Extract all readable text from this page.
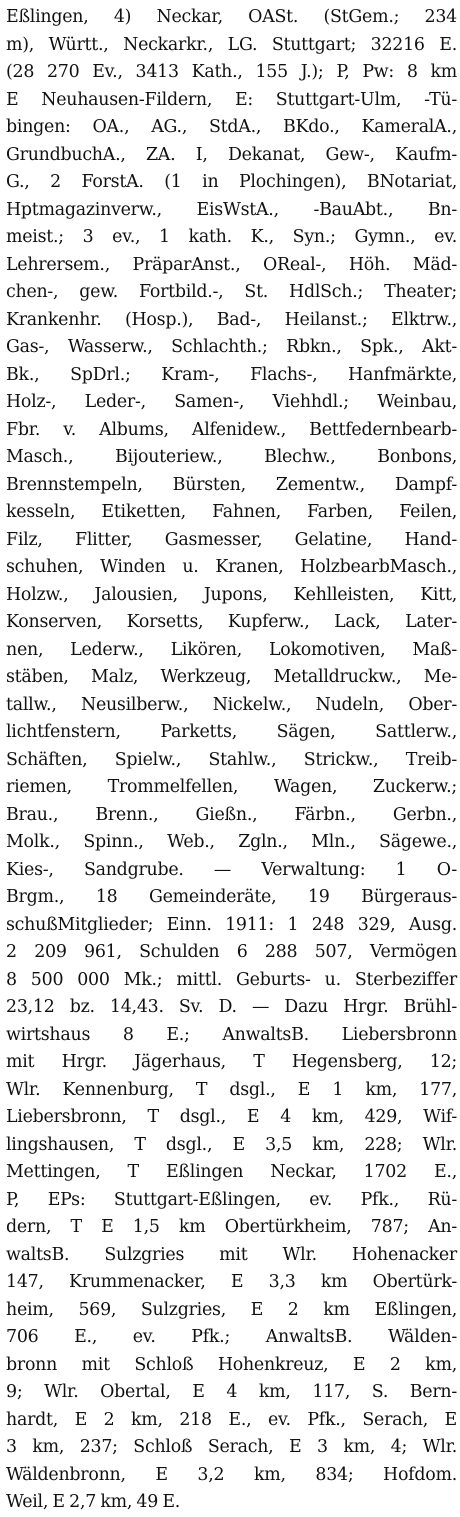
Eßlingen, 4) Neckar, OASt. (StGem.; 234
m), Württ., Neckarkr., LG. Stuttgart; 32216 E.
(28 270 Ev., 3413 Kath., 155 J.); P, Pw: 8 km
E Neuhausen-Fildern, E: Stuttgart-Ulm, -Tü-
bingen: OA., AG., StdA., BKdo., KameralA.,
GrundbuchA., ZA. I, Dekanat, Gew-, Kaufm-
G., 2 ForstA. (1 in Plochingen), BNotariat,
Hptmagazinverw., EisWstA., -BauAbt., Bn-
meist.; 3 ev., 1 kath. K., Syn.; Gymn., ev.
Lehrersem., PräparAnst., OReal-, Höh. Mäd-
chen-, gew. Fortbild.-, St. HdlSch.; Theater;
Krankenhr. (Hosp.), Bad-, Heilanst.; Elktrw.,
Gas-, Wasserw., Schlachth.; Rbkn., Spk., Akt-
Bk., SpDrl.; Kram-, Flachs-, Hanfmärkte,
Holz-, Leder-, Samen-, Viehhdl.; Weinbau,
Fbr. v. Albums, Alfenidew., Bettfedernbearb-
Masch., Bijouteriew., Blechw., Bonbons,
Brennstempeln, Bürsten, Zementw., Dampf-
kesseln, Etiketten, Fahnen, Farben, Feilen,
Filz, Flitter, Gasmesser, Gelatine, Hand-
schuhen, Winden u. Kranen, HolzbearbMasch.,
Holzw., Jalousien, Jupons, Kehlleisten, Kitt,
Konserven, Korsetts, Kupferw., Lack, Later-
nen, Lederw., Likören, Lokomotiven, Maß-
stäben, Malz, Werkzeug, Metalldruckw., Me-
tallw., Neusilberw., Nickelw., Nudeln, Ober-
lichtfenstern, Parketts, Sägen, Sattlerw.,
Schäften, Spielw., Stahlw., Strickw., Treib-
riemen, Trommelfellen, Wagen, Zuckerw.;
Brau., Brenn., Gießn., Färbn., Gerbn.,
Molk., Spinn., Web., Zgln., Mln., Sägewe.,
Kies-, Sandgrube. — Verwaltung: 1 O-
Brgm., 18 Gemeinderäte, 19 Bürgeraus-
schußMitglieder; Einn. 1911: 1 248 329, Ausg.
2 209 961, Schulden 6 288 507, Vermögen
8 500 000 Mk.; mittl. Geburts- u. Sterbeziffer
23,12 bz. 14,43. Sv. D. — Dazu Hrgr. Brühl-
wirtshaus 8 E.; AnwaltsB. Liebersbronn
mit Hrgr. Jägerhaus, T Hegensberg, 12;
Wlr. Kennenburg, T dsgl., E 1 km, 177,
Liebersbronn, T dsgl., E 4 km, 429, Wif-
lingshausen, T dsgl., E 3,5 km, 228; Wlr.
Mettingen, T Eßlingen Neckar, 1702 E.,
P, EPs: Stuttgart-Eßlingen, ev. Pfk., Rü-
dern, T E 1,5 km Obertürkheim, 787; An-
waltsB. Sulzgries mit Wlr. Hohenacker
147, Krummenacker, E 3,3 km Obertürk-
heim, 569, Sulzgries, E 2 km Eßlingen,
706 E., ev. Pfk.; AnwaltsB. Wälden-
bronn mit Schloß Hohenkreuz, E 2 km,
9; Wlr. Obertal, E 4 km, 117, S. Bern-
hardt, E 2 km, 218 E., ev. Pfk., Serach, E
3 km, 237; Schloß Serach, E 3 km, 4; Wlr.
Wäldenbronn, E 3,2 km, 834; Hofdom.
Weil, E 2,7 km, 49 E.
